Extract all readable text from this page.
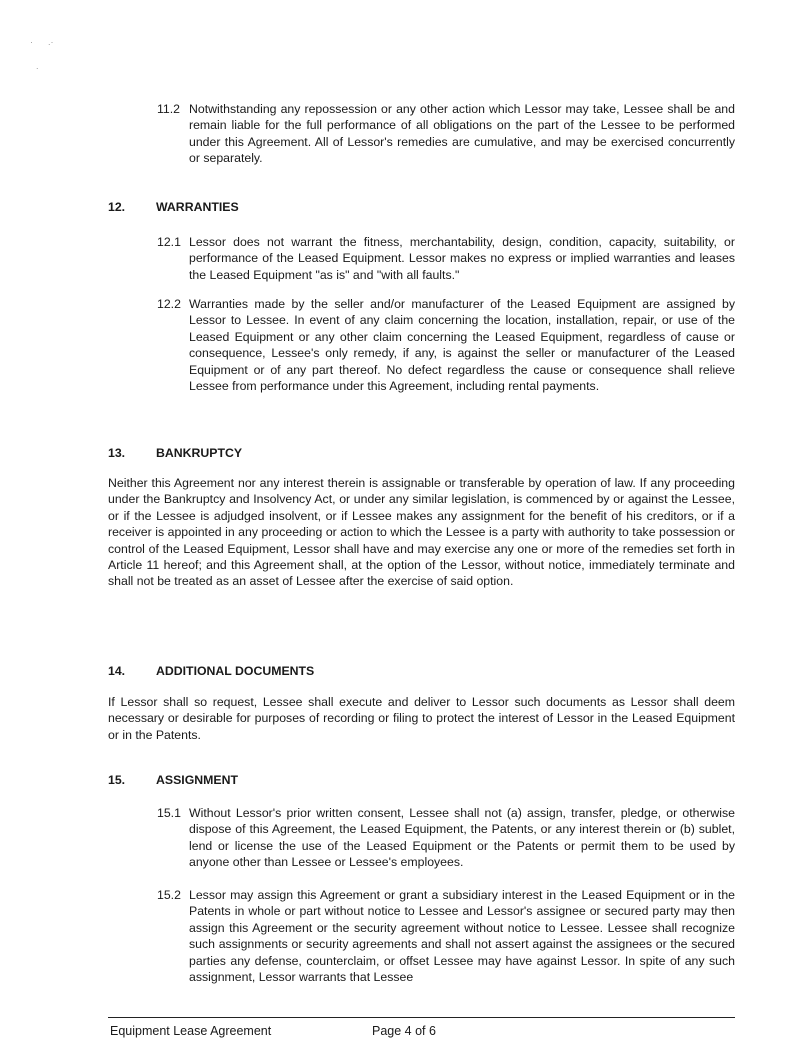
·      .·
.
11.2 Notwithstanding any repossession or any other action which Lessor may take, Lessee shall be and remain liable for the full performance of all obligations on the part of the Lessee to be performed under this Agreement. All of Lessor's remedies are cumulative, and may be exercised concurrently or separately.
12.	WARRANTIES
12.1 Lessor does not warrant the fitness, merchantability, design, condition, capacity, suitability, or performance of the Leased Equipment. Lessor makes no express or implied warranties and leases the Leased Equipment "as is" and "with all faults."
12.2 Warranties made by the seller and/or manufacturer of the Leased Equipment are assigned by Lessor to Lessee. In event of any claim concerning the location, installation, repair, or use of the Leased Equipment or any other claim concerning the Leased Equipment, regardless of cause or consequence, Lessee's only remedy, if any, is against the seller or manufacturer of the Leased Equipment or of any part thereof. No defect regardless the cause or consequence shall relieve Lessee from performance under this Agreement, including rental payments.
13.	BANKRUPTCY
Neither this Agreement nor any interest therein is assignable or transferable by operation of law. If any proceeding under the Bankruptcy and Insolvency Act, or under any similar legislation, is commenced by or against the Lessee, or if the Lessee is adjudged insolvent, or if Lessee makes any assignment for the benefit of his creditors, or if a receiver is appointed in any proceeding or action to which the Lessee is a party with authority to take possession or control of the Leased Equipment, Lessor shall have and may exercise any one or more of the remedies set forth in Article 11 hereof; and this Agreement shall, at the option of the Lessor, without notice, immediately terminate and shall not be treated as an asset of Lessee after the exercise of said option.
14.	ADDITIONAL DOCUMENTS
If Lessor shall so request, Lessee shall execute and deliver to Lessor such documents as Lessor shall deem necessary or desirable for purposes of recording or filing to protect the interest of Lessor in the Leased Equipment or in the Patents.
15.	ASSIGNMENT
15.1 Without Lessor's prior written consent, Lessee shall not (a) assign, transfer, pledge, or otherwise dispose of this Agreement, the Leased Equipment, the Patents, or any interest therein or (b) sublet, lend or license the use of the Leased Equipment or the Patents or permit them to be used by anyone other than Lessee or Lessee's employees.
15.2 Lessor may assign this Agreement or grant a subsidiary interest in the Leased Equipment or in the Patents in whole or part without notice to Lessee and Lessor's assignee or secured party may then assign this Agreement or the security agreement without notice to Lessee. Lessee shall recognize such assignments or security agreements and shall not assert against the assignees or the secured parties any defense, counterclaim, or offset Lessee may have against Lessor. In spite of any such assignment, Lessor warrants that Lessee
Equipment Lease Agreement	Page 4 of 6
